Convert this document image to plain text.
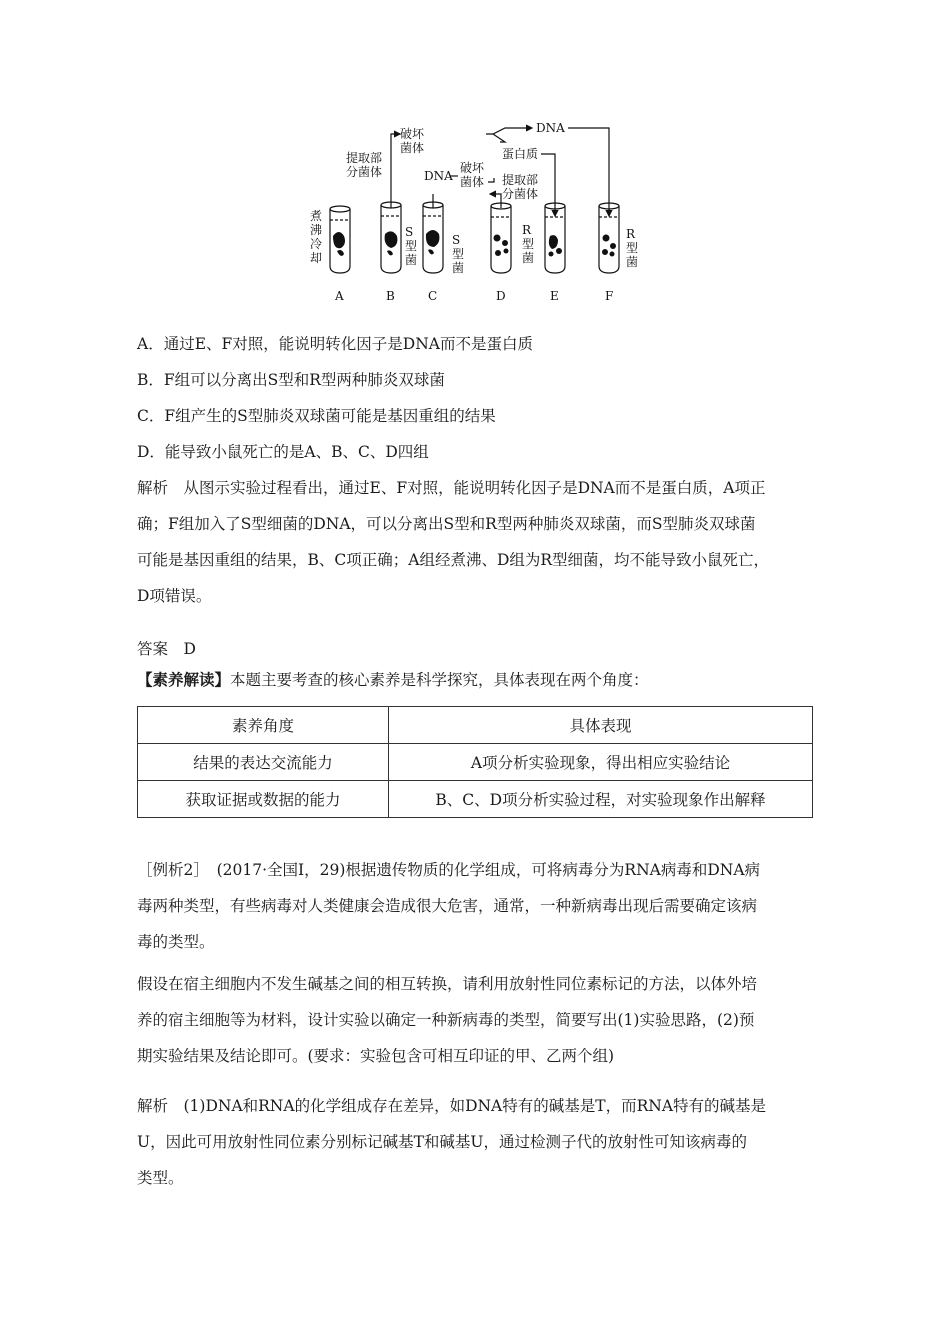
煮
沸
冷
却
提取部
分菌体
破坏
菌体
DNA
蛋白质
DNA
破坏
菌体 提取部
分菌体
S
型
菌
S
型
菌
R
型
菌
R
型
菌
A	B	C	D	E	F
A．通过E、F对照，能说明转化因子是DNA而不是蛋白质
B．F组可以分离出S型和R型两种肺炎双球菌
C．F组产生的S型肺炎双球菌可能是基因重组的结果
D．能导致小鼠死亡的是A、B、C、D四组
解析　从图示实验过程看出，通过E、F对照，能说明转化因子是DNA而不是蛋白质，A项正
确；F组加入了S型细菌的DNA，可以分离出S型和R型两种肺炎双球菌，而S型肺炎双球菌
可能是基因重组的结果，B、C项正确；A组经煮沸、D组为R型细菌，均不能导致小鼠死亡，
D项错误。
答案　D
【素养解读】本题主要考查的核心素养是科学探究，具体表现在两个角度：
素养角度	具体表现
结果的表达交流能力	A项分析实验现象，得出相应实验结论
获取证据或数据的能力	B、C、D项分析实验过程，对实验现象作出解释
［例析2］　(2017·全国Ⅰ，29)根据遗传物质的化学组成，可将病毒分为RNA病毒和DNA病
毒两种类型，有些病毒对人类健康会造成很大危害，通常，一种新病毒出现后需要确定该病
毒的类型。
假设在宿主细胞内不发生碱基之间的相互转换，请利用放射性同位素标记的方法，以体外培
养的宿主细胞等为材料，设计实验以确定一种新病毒的类型，简要写出(1)实验思路，(2)预
期实验结果及结论即可。(要求：实验包含可相互印证的甲、乙两个组)
解析　(1)DNA和RNA的化学组成存在差异，如DNA特有的碱基是T，而RNA特有的碱基是
U，因此可用放射性同位素分别标记碱基T和碱基U，通过检测子代的放射性可知该病毒的
类型。
